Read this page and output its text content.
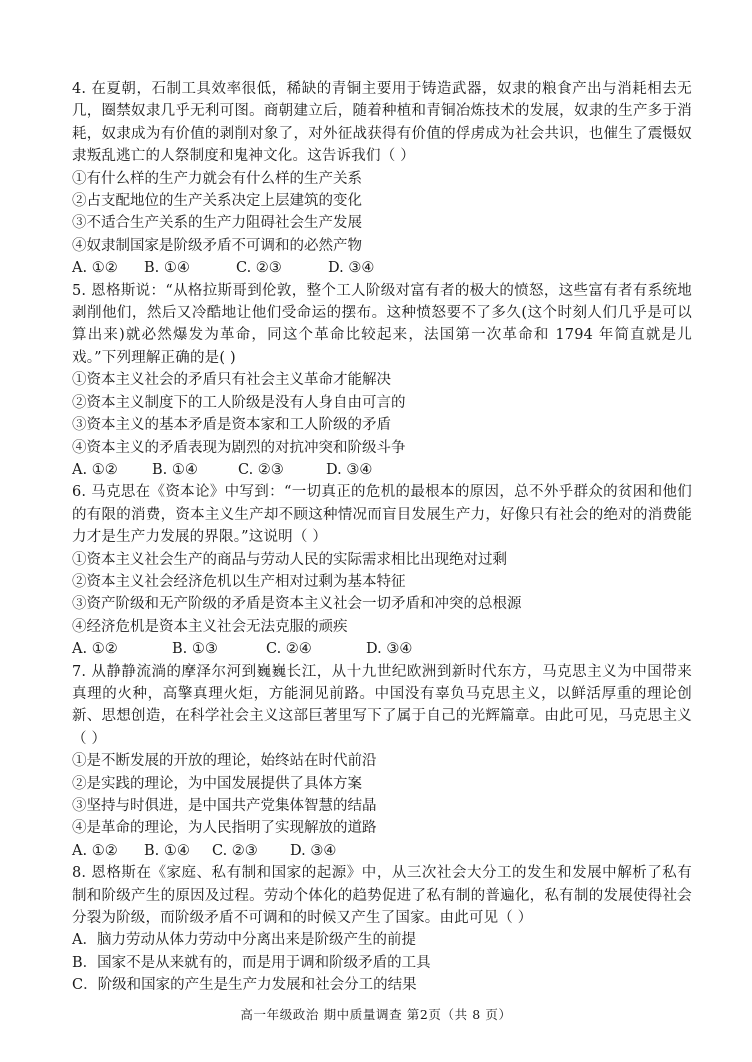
4. 在夏朝，石制工具效率很低，稀缺的青铜主要用于铸造武器，奴隶的粮食产出与消耗相去无几，圈禁奴隶几乎无利可图。商朝建立后，随着种植和青铜冶炼技术的发展，奴隶的生产多于消耗，奴隶成为有价值的剥削对象了，对外征战获得有价值的俘虏成为社会共识，也催生了震慑奴隶叛乱逃亡的人祭制度和鬼神文化。这告诉我们（ ）

①有什么样的生产力就会有什么样的生产关系

②占支配地位的生产关系决定上层建筑的变化

③不适合生产关系的生产力阻碍社会生产发展

④奴隶制国家是阶级矛盾不可调和的必然产物

A. ①②	B. ①④	C. ②③	D. ③④

5. 恩格斯说：“从格拉斯哥到伦敦，整个工人阶级对富有者的极大的愤怒，这些富有者有系统地剥削他们，然后又冷酷地让他们受命运的摆布。这种愤怒要不了多久(这个时刻人们几乎是可以算出来)就必然爆发为革命，同这个革命比较起来，法国第一次革命和 1794 年简直就是儿戏。”下列理解正确的是( )

①资本主义社会的矛盾只有社会主义革命才能解决

②资本主义制度下的工人阶级是没有人身自由可言的

③资本主义的基本矛盾是资本家和工人阶级的矛盾

④资本主义的矛盾表现为剧烈的对抗冲突和阶级斗争

A. ①②	B. ①④	C. ②③	D. ③④

6. 马克思在《资本论》中写到：“一切真正的危机的最根本的原因，总不外乎群众的贫困和他们的有限的消费，资本主义生产却不顾这种情况而盲目发展生产力，好像只有社会的绝对的消费能力才是生产力发展的界限。”这说明（ ）

①资本主义社会生产的商品与劳动人民的实际需求相比出现绝对过剩

②资本主义社会经济危机以生产相对过剩为基本特征

③资产阶级和无产阶级的矛盾是资本主义社会一切矛盾和冲突的总根源

④经济危机是资本主义社会无法克服的顽疾

A. ①②	B. ①③	C. ②④	D. ③④

7. 从静静流淌的摩泽尔河到巍巍长江，从十九世纪欧洲到新时代东方，马克思主义为中国带来真理的火种，高擎真理火炬，方能洞见前路。中国没有辜负马克思主义，以鲜活厚重的理论创新、思想创造，在科学社会主义这部巨著里写下了属于自己的光辉篇章。由此可见，马克思主义（ ）

①是不断发展的开放的理论，始终站在时代前沿

②是实践的理论，为中国发展提供了具体方案

③坚持与时俱进，是中国共产党集体智慧的结晶

④是革命的理论，为人民指明了实现解放的道路

A. ①②	B. ①④	C. ②③	D. ③④

8. 恩格斯在《家庭、私有制和国家的起源》中，从三次社会大分工的发生和发展中解析了私有制和阶级产生的原因及过程。劳动个体化的趋势促进了私有制的普遍化，私有制的发展使得社会分裂为阶级，而阶级矛盾不可调和的时候又产生了国家。由此可见（ ）

A．脑力劳动从体力劳动中分离出来是阶级产生的前提

B．国家不是从来就有的，而是用于调和阶级矛盾的工具

C．阶级和国家的产生是生产力发展和社会分工的结果

高一年级政治 期中质量调查 第2页（共 8 页）
